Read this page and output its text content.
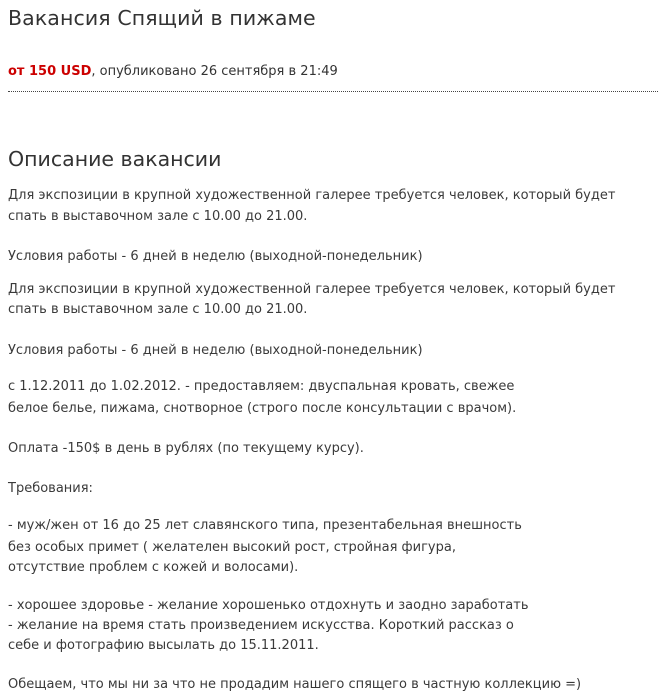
Вакансия Спящий в пижаме
от 150 USD, опубликовано 26 сентября в 21:49
Описание вакансии
Для экспозиции в крупной художественной галерее требуется человек, который будет
спать в выставочном зале с 10.00 до 21.00.
Условия работы - 6 дней в неделю (выходной-понедельник)
Для экспозиции в крупной художественной галерее требуется человек, который будет
спать в выставочном зале с 10.00 до 21.00.
Условия работы - 6 дней в неделю (выходной-понедельник)
с 1.12.2011 до 1.02.2012. - предоставляем: двуспальная кровать, свежее
белое белье, пижама, снотворное (строго после консультации с врачом).
Оплата -150$ в день в рублях (по текущему курсу).
Требования:
- муж/жен от 16 до 25 лет славянского типа, презентабельная внешность
без особых примет ( желателен высокий рост, стройная фигура,
отсутствие проблем с кожей и волосами).
- хорошее здоровье - желание хорошенько отдохнуть и заодно заработать
- желание на время стать произведением искусства. Короткий рассказ о
себе и фотографию высылать до 15.11.2011.
Обещаем, что мы ни за что не продадим нашего спящего в частную коллекцию =)
